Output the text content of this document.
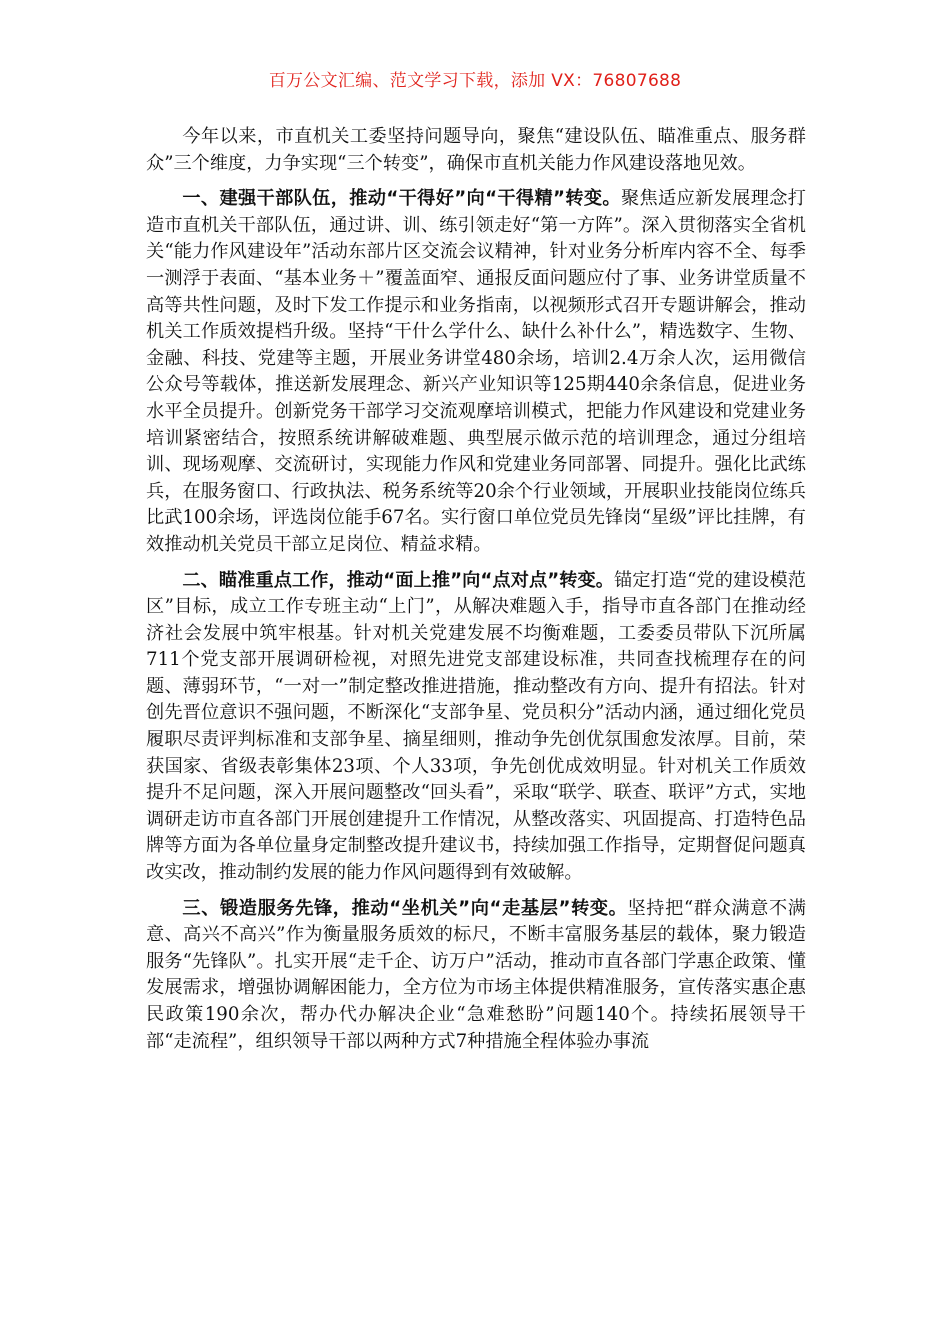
百万公文汇编、范文学习下载，添加 VX：76807688

今年以来，市直机关工委坚持问题导向，聚焦“建设队伍、瞄准重点、服务群众”三个维度，力争实现“三个转变”，确保市直机关能力作风建设落地见效。

一、建强干部队伍，推动“干得好”向“干得精”转变。聚焦适应新发展理念打造市直机关干部队伍，通过讲、训、练引领走好“第一方阵”。深入贯彻落实全省机关“能力作风建设年”活动东部片区交流会议精神，针对业务分析库内容不全、每季一测浮于表面、“基本业务＋”覆盖面窄、通报反面问题应付了事、业务讲堂质量不高等共性问题，及时下发工作提示和业务指南，以视频形式召开专题讲解会，推动机关工作质效提档升级。坚持“干什么学什么、缺什么补什么”，精选数字、生物、金融、科技、党建等主题，开展业务讲堂480余场，培训2.4万余人次，运用微信公众号等载体，推送新发展理念、新兴产业知识等125期440余条信息，促进业务水平全员提升。创新党务干部学习交流观摩培训模式，把能力作风建设和党建业务培训紧密结合，按照系统讲解破难题、典型展示做示范的培训理念，通过分组培训、现场观摩、交流研讨，实现能力作风和党建业务同部署、同提升。强化比武练兵，在服务窗口、行政执法、税务系统等20余个行业领域，开展职业技能岗位练兵比武100余场，评选岗位能手67名。实行窗口单位党员先锋岗“星级”评比挂牌，有效推动机关党员干部立足岗位、精益求精。

二、瞄准重点工作，推动“面上推”向“点对点”转变。锚定打造“党的建设模范区”目标，成立工作专班主动“上门”，从解决难题入手，指导市直各部门在推动经济社会发展中筑牢根基。针对机关党建发展不均衡难题，工委委员带队下沉所属711个党支部开展调研检视，对照先进党支部建设标准，共同查找梳理存在的问题、薄弱环节，“一对一”制定整改推进措施，推动整改有方向、提升有招法。针对创先晋位意识不强问题，不断深化“支部争星、党员积分”活动内涵，通过细化党员履职尽责评判标准和支部争星、摘星细则，推动争先创优氛围愈发浓厚。目前，荣获国家、省级表彰集体23项、个人33项，争先创优成效明显。针对机关工作质效提升不足问题，深入开展问题整改“回头看”，采取“联学、联查、联评”方式，实地调研走访市直各部门开展创建提升工作情况，从整改落实、巩固提高、打造特色品牌等方面为各单位量身定制整改提升建议书，持续加强工作指导，定期督促问题真改实改，推动制约发展的能力作风问题得到有效破解。

三、锻造服务先锋，推动“坐机关”向“走基层”转变。坚持把“群众满意不满意、高兴不高兴”作为衡量服务质效的标尺，不断丰富服务基层的载体，聚力锻造服务“先锋队”。扎实开展“走千企、访万户”活动，推动市直各部门学惠企政策、懂发展需求，增强协调解困能力，全方位为市场主体提供精准服务，宣传落实惠企惠民政策190余次，帮办代办解决企业“急难愁盼”问题140个。持续拓展领导干部“走流程”，组织领导干部以两种方式7种措施全程体验办事流
